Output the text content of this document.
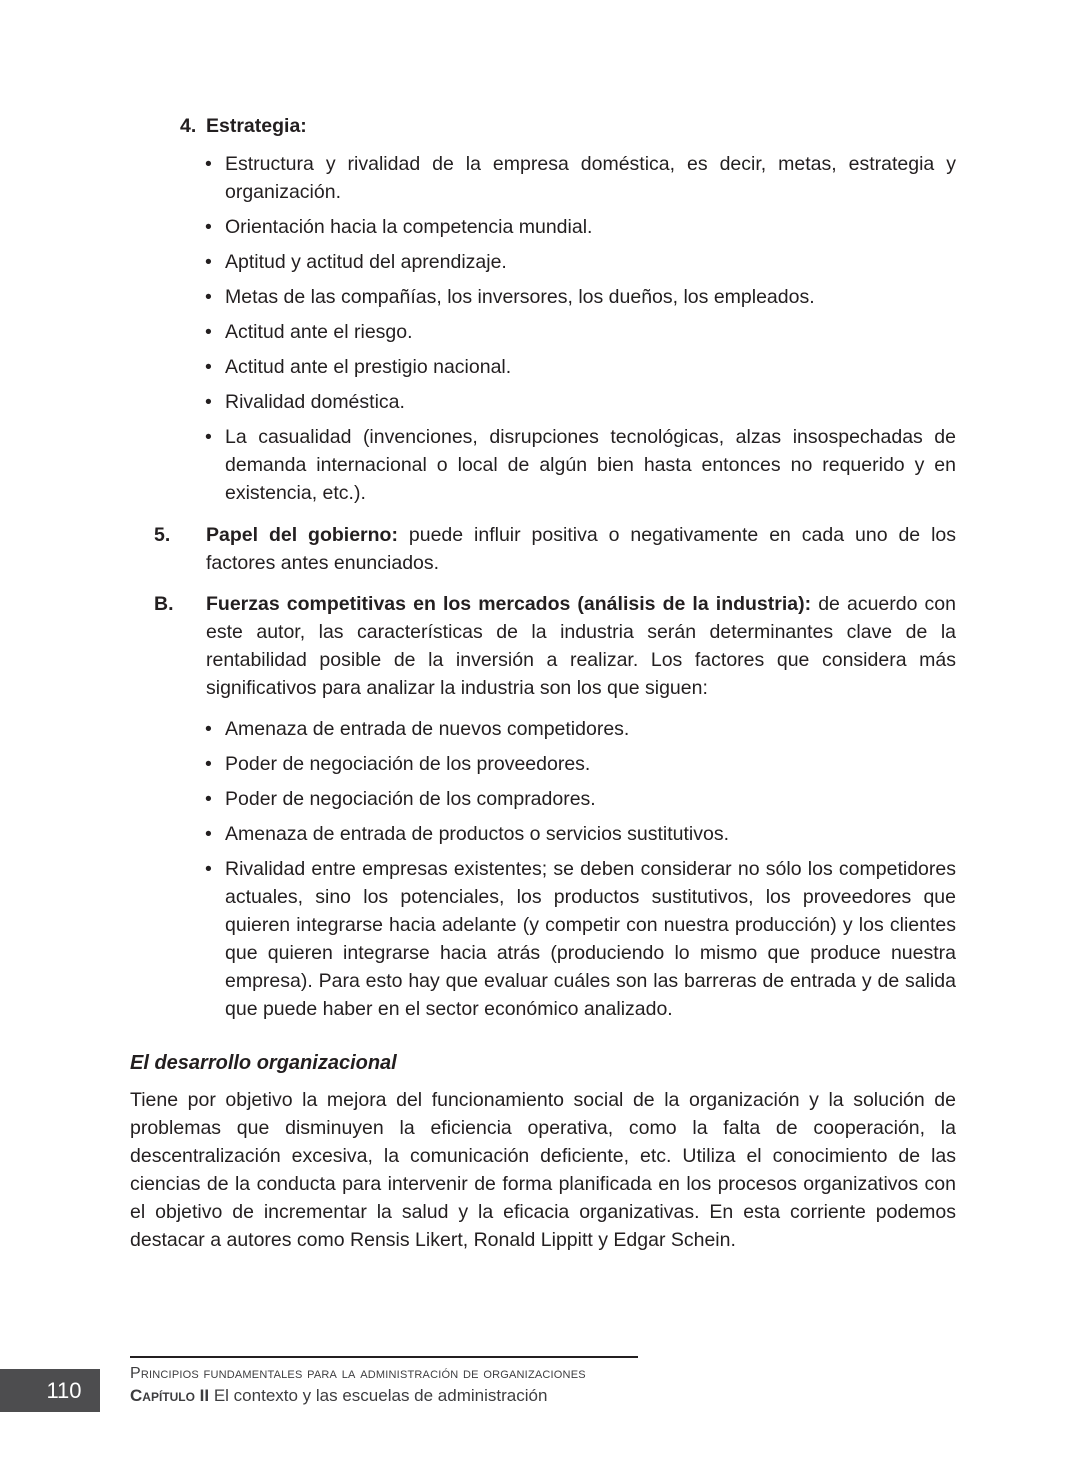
4. Estrategia:
• Estructura y rivalidad de la empresa doméstica, es decir, metas, estrategia y organización.
• Orientación hacia la competencia mundial.
• Aptitud y actitud del aprendizaje.
• Metas de las compañías, los inversores, los dueños, los empleados.
• Actitud ante el riesgo.
• Actitud ante el prestigio nacional.
• Rivalidad doméstica.
• La casualidad (invenciones, disrupciones tecnológicas, alzas insospechadas de demanda internacional o local de algún bien hasta entonces no requerido y en existencia, etc.).
5. Papel del gobierno: puede influir positiva o negativamente en cada uno de los factores antes enunciados.
B. Fuerzas competitivas en los mercados (análisis de la industria): de acuerdo con este autor, las características de la industria serán determinantes clave de la rentabilidad posible de la inversión a realizar. Los factores que considera más significativos para analizar la industria son los que siguen:
• Amenaza de entrada de nuevos competidores.
• Poder de negociación de los proveedores.
• Poder de negociación de los compradores.
• Amenaza de entrada de productos o servicios sustitutivos.
• Rivalidad entre empresas existentes; se deben considerar no sólo los competidores actuales, sino los potenciales, los productos sustitutivos, los proveedores que quieren integrarse hacia adelante (y competir con nuestra producción) y los clientes que quieren integrarse hacia atrás (produciendo lo mismo que produce nuestra empresa). Para esto hay que evaluar cuáles son las barreras de entrada y de salida que puede haber en el sector económico analizado.
El desarrollo organizacional
Tiene por objetivo la mejora del funcionamiento social de la organización y la solución de problemas que disminuyen la eficiencia operativa, como la falta de cooperación, la descentralización excesiva, la comunicación deficiente, etc. Utiliza el conocimiento de las ciencias de la conducta para intervenir de forma planificada en los procesos organizativos con el objetivo de incrementar la salud y la eficacia organizativas. En esta corriente podemos destacar a autores como Rensis Likert, Ronald Lippitt y Edgar Schein.
Principios fundamentales para la administración de organizaciones
Capítulo II El contexto y las escuelas de administración
110
